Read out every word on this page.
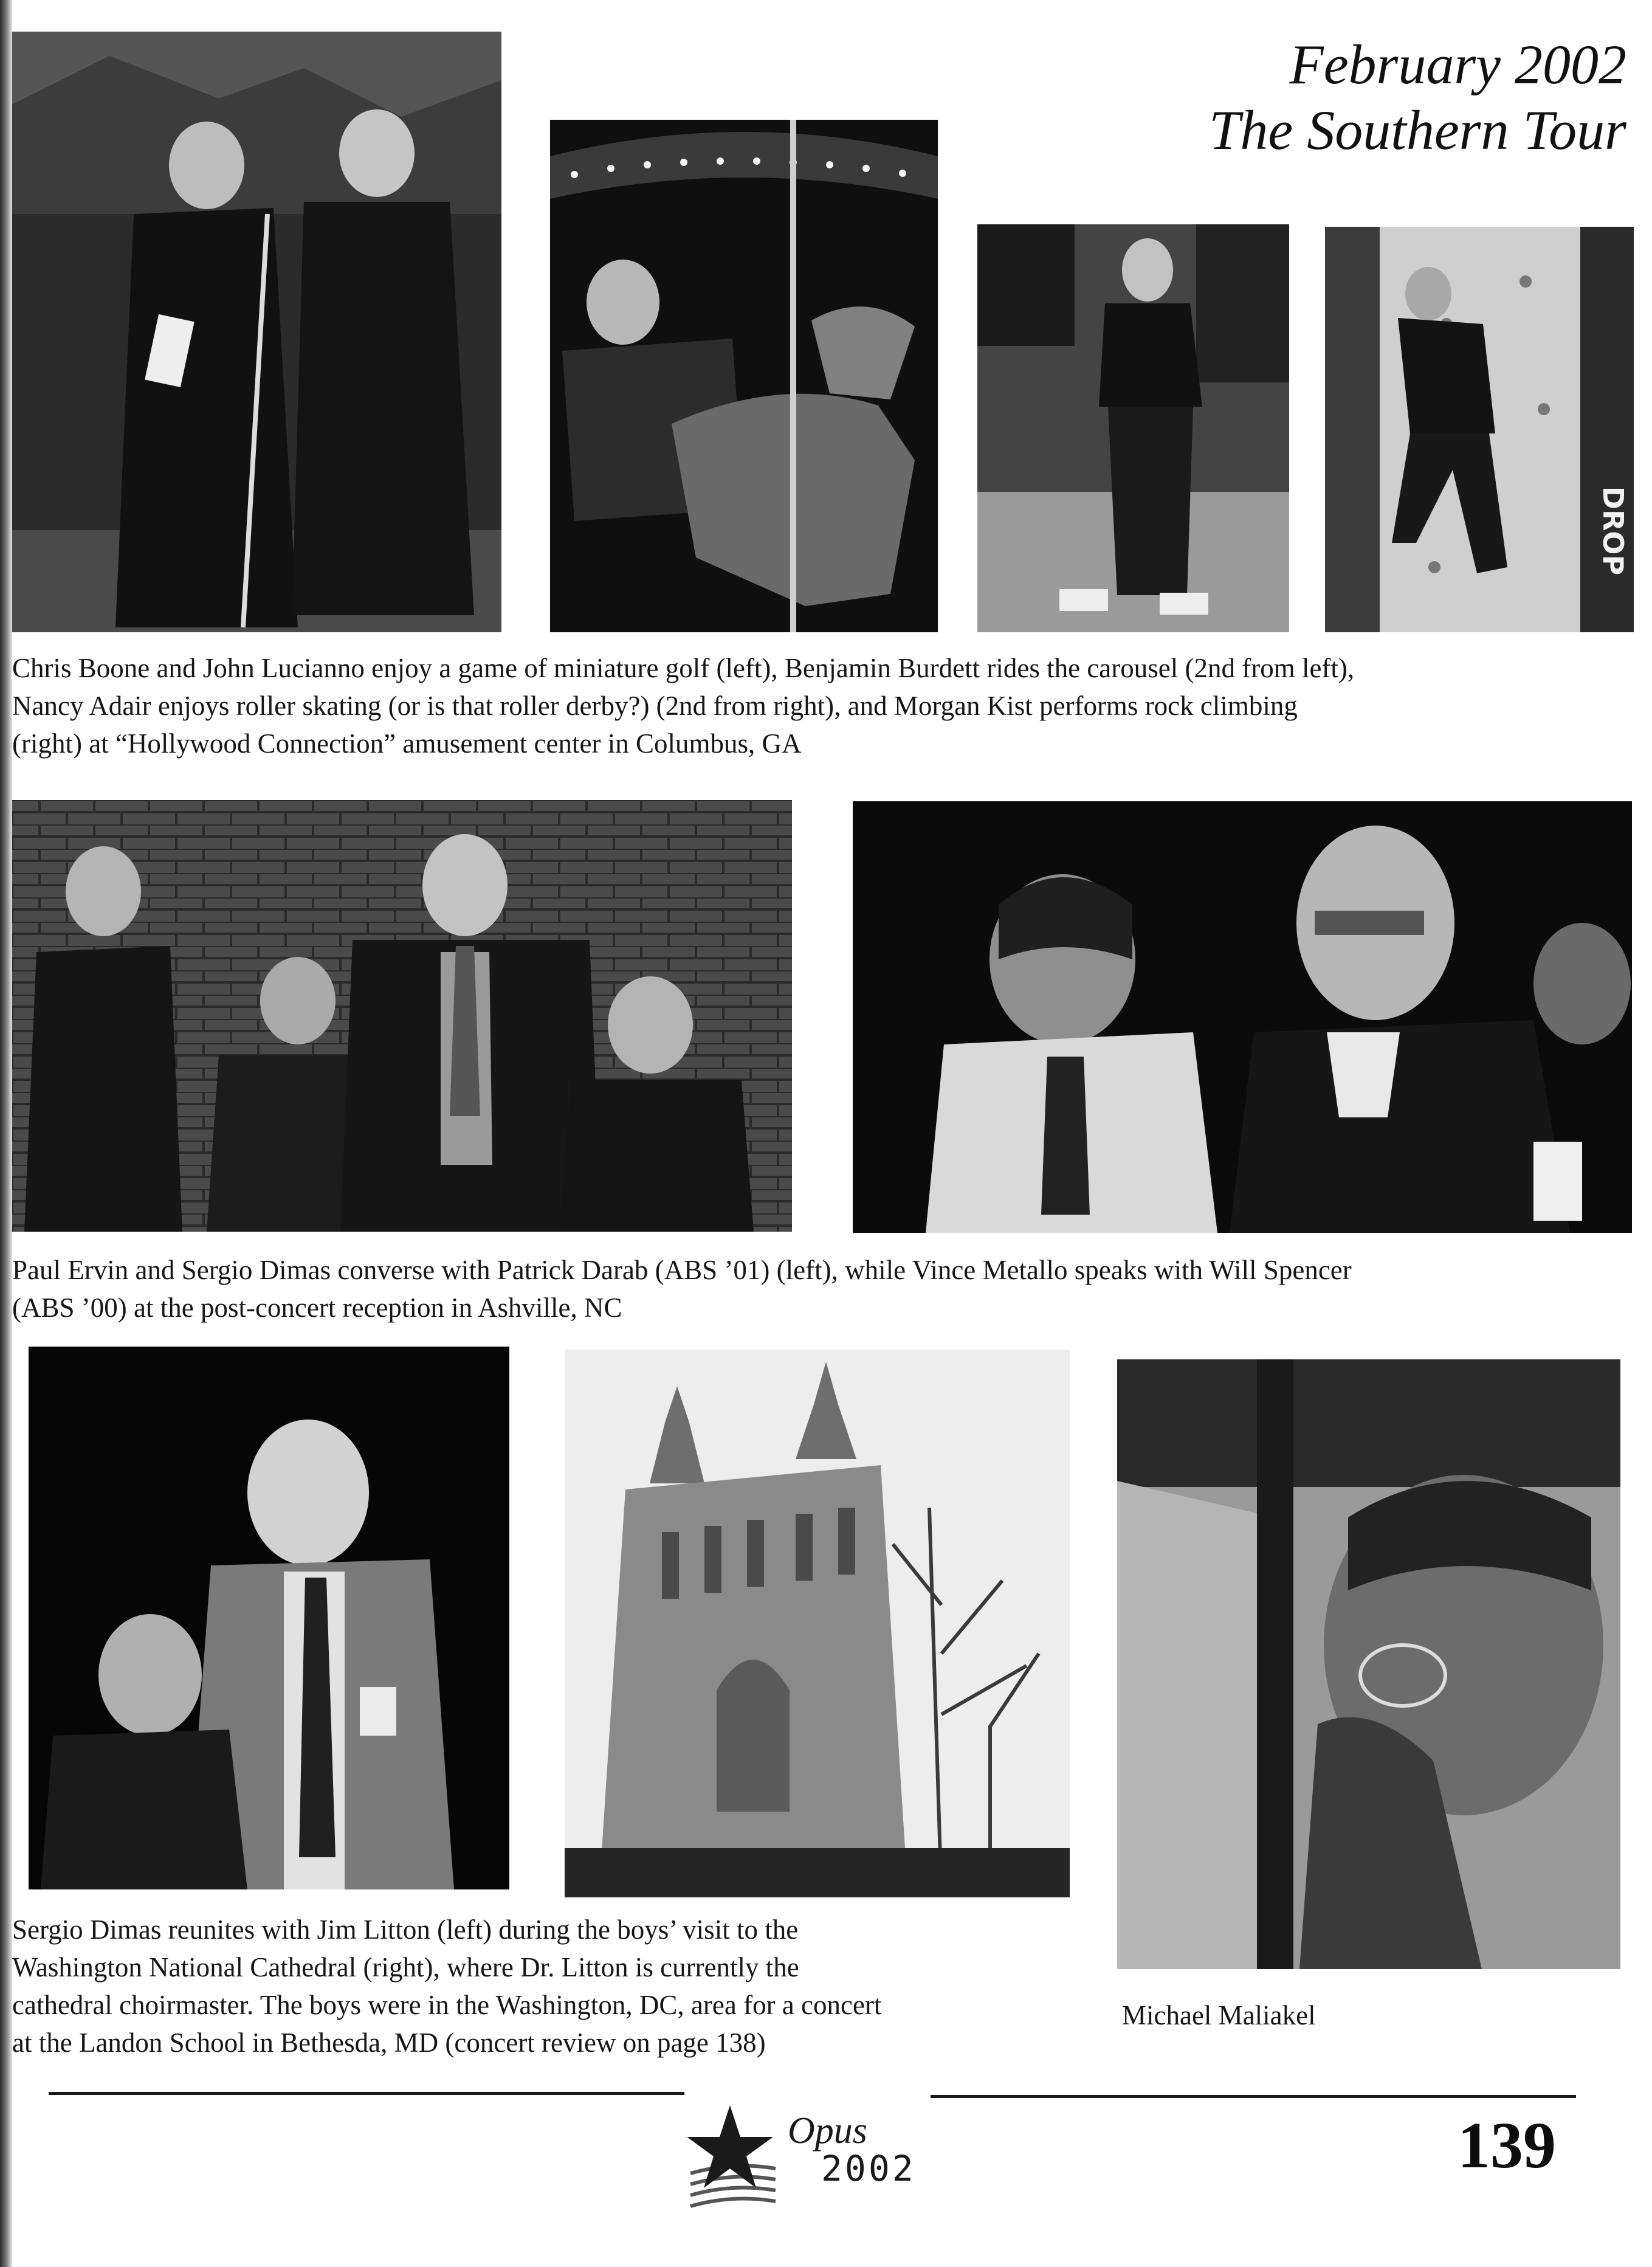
February 2002
The Southern Tour
DROP

Chris Boone and John Lucianno enjoy a game of miniature golf (left), Benjamin Burdett rides the carousel (2nd from left),
Nancy Adair enjoys roller skating (or is that roller derby?) (2nd from right), and Morgan Kist performs rock climbing
(right) at “Hollywood Connection” amusement center in Columbus, GA

Paul Ervin and Sergio Dimas converse with Patrick Darab (ABS ’01) (left), while Vince Metallo speaks with Will Spencer
(ABS ’00) at the post-concert reception in Ashville, NC

Sergio Dimas reunites with Jim Litton (left) during the boys’ visit to the
Washington National Cathedral (right), where Dr. Litton is currently the
cathedral choirmaster. The boys were in the Washington, DC, area for a concert
at the Landon School in Bethesda, MD (concert review on page 138)

Michael Maliakel

Opus
2002	139
